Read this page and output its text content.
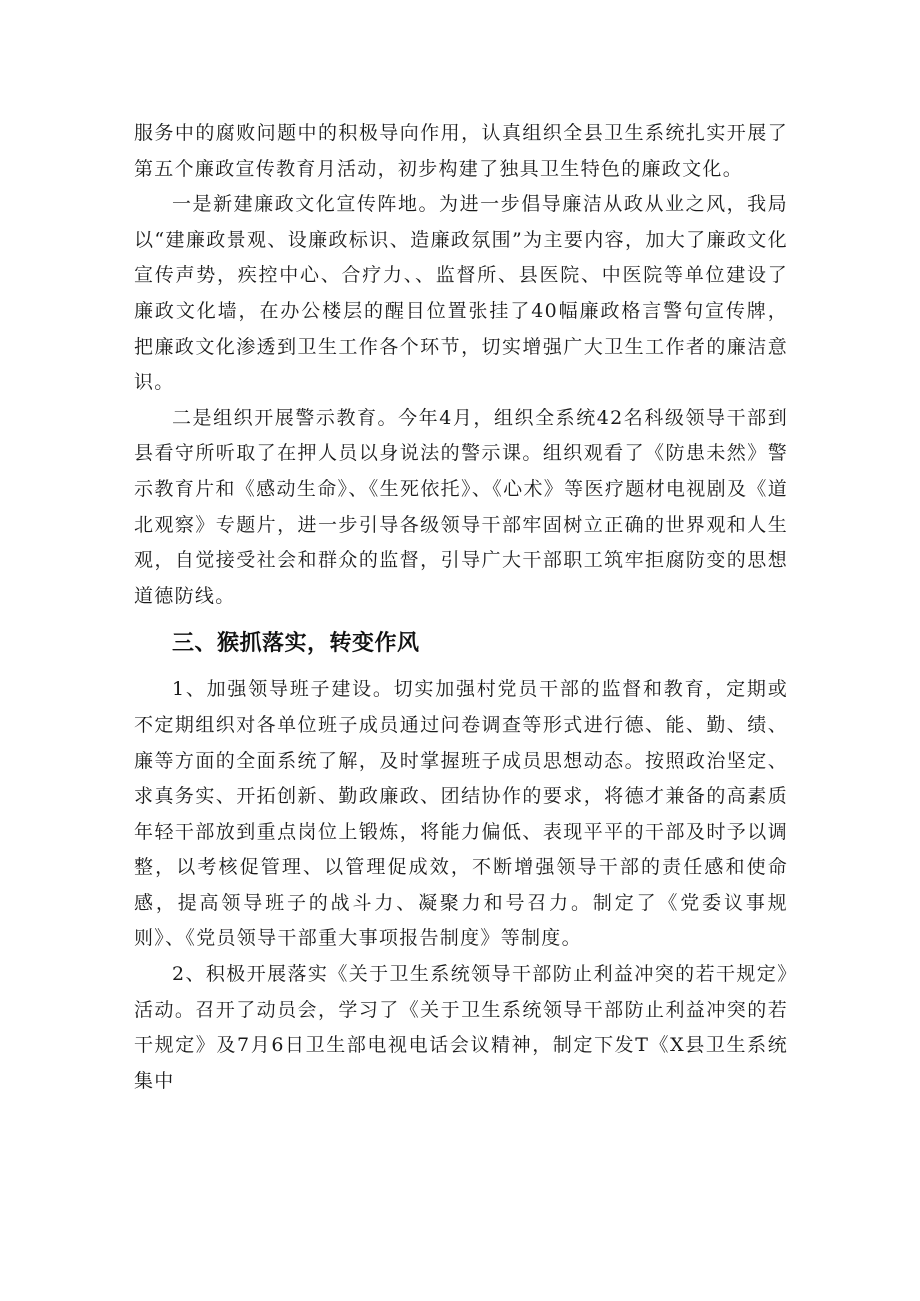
服务中的腐败问题中的积极导向作用，认真组织全县卫生系统扎实开展了第五个廉政宣传教育月活动，初步构建了独具卫生特色的廉政文化。

一是新建廉政文化宣传阵地。为进一步倡导廉洁从政从业之风，我局以“建廉政景观、设廉政标识、造廉政氛围”为主要内容，加大了廉政文化宣传声势，疾控中心、合疗力、、监督所、县医院、中医院等单位建设了廉政文化墙，在办公楼层的醒目位置张挂了40幅廉政格言警句宣传牌，把廉政文化渗透到卫生工作各个环节，切实增强广大卫生工作者的廉洁意识。

二是组织开展警示教育。今年4月，组织全系统42名科级领导干部到县看守所听取了在押人员以身说法的警示课。组织观看了《防患未然》警示教育片和《感动生命》、《生死依托》、《心术》等医疗题材电视剧及《道北观察》专题片，进一步引导各级领导干部牢固树立正确的世界观和人生观，自觉接受社会和群众的监督，引导广大干部职工筑牢拒腐防变的思想道德防线。

三、猴抓落实，转变作风

1、加强领导班子建设。切实加强村党员干部的监督和教育，定期或不定期组织对各单位班子成员通过问卷调查等形式进行德、能、勤、绩、廉等方面的全面系统了解，及时掌握班子成员思想动态。按照政治坚定、求真务实、开拓创新、勤政廉政、团结协作的要求，将德才兼备的高素质年轻干部放到重点岗位上锻炼，将能力偏低、表现平平的干部及时予以调整，以考核促管理、以管理促成效，不断增强领导干部的责任感和使命感，提高领导班子的战斗力、凝聚力和号召力。制定了《党委议事规则》、《党员领导干部重大事项报告制度》等制度。

2、积极开展落实《关于卫生系统领导干部防止利益冲突的若干规定》活动。召开了动员会，学习了《关于卫生系统领导干部防止利益冲突的若干规定》及7月6日卫生部电视电话会议精神，制定下发T《X县卫生系统集中
